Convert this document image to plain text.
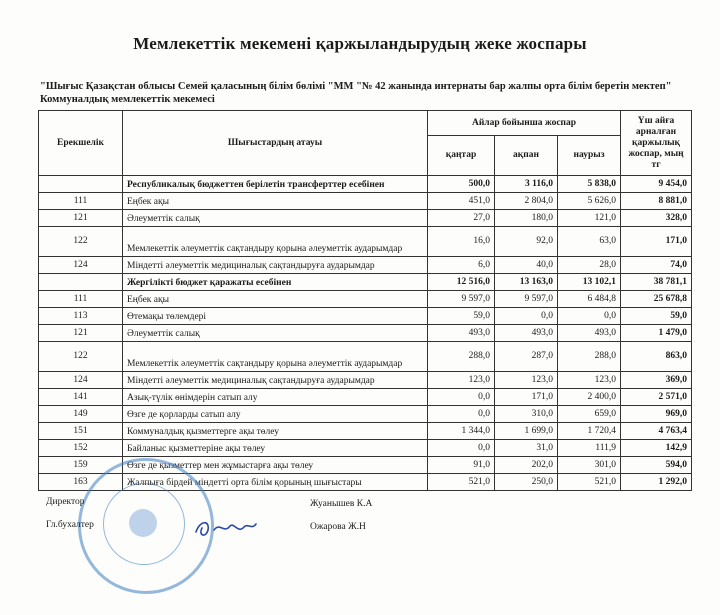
Мемлекеттік мекемені қаржыландырудың жеке жоспары
"Шығыс Қазақстан облысы Семей қаласының білім бөлімі "ММ "№ 42 жанында интернаты бар жалпы орта білім беретін мектеп" Коммуналдық мемлекеттік мекемесі
Ерекшелік	Шығыстардың атауы	Айлар бойынша жоспар			Үш айға арналған қаржылық жоспар, мың тг
		қаңтар	ақпан	наурыз	
	Республикалық бюджеттен берілетін трансферттер есебінен	500,0	3 116,0	5 838,0	9 454,0
111	Еңбек ақы	451,0	2 804,0	5 626,0	8 881,0
121	Әлеуметтік салық	27,0	180,0	121,0	328,0
122	Мемлекеттік әлеуметтік сақтандыру қорына әлеуметтік аударымдар	16,0	92,0	63,0	171,0
124	Міндетті әлеуметтік медициналық сақтандыруға аударымдар	6,0	40,0	28,0	74,0
	Жергілікті бюджет қаражаты есебінен	12 516,0	13 163,0	13 102,1	38 781,1
111	Еңбек ақы	9 597,0	9 597,0	6 484,8	25 678,8
113	Өтемақы төлемдері	59,0	0,0	0,0	59,0
121	Әлеуметтік салық	493,0	493,0	493,0	1 479,0
122	Мемлекеттік әлеуметтік сақтандыру қорына әлеуметтік аударымдар	288,0	287,0	288,0	863,0
124	Міндетті әлеуметтік медициналық сақтандыруға аударымдар	123,0	123,0	123,0	369,0
141	Азық-түлік өнімдерін сатып алу	0,0	171,0	2 400,0	2 571,0
149	Өзге де қорларды сатып алу	0,0	310,0	659,0	969,0
151	Коммуналдық қызметтерге ақы төлеу	1 344,0	1 699,0	1 720,4	4 763,4
152	Байланыс қызметтеріне ақы төлеу	0,0	31,0	111,9	142,9
159	Өзге де қызметтер мен жұмыстарға ақы төлеу	91,0	202,0	301,0	594,0
163	Жалпыға бірдей міндетті орта білім қорының шығыстары	521,0	250,0	521,0	1 292,0
Директор	Жуанышев К.А
Гл.бухалтер	Ожарова Ж.Н
